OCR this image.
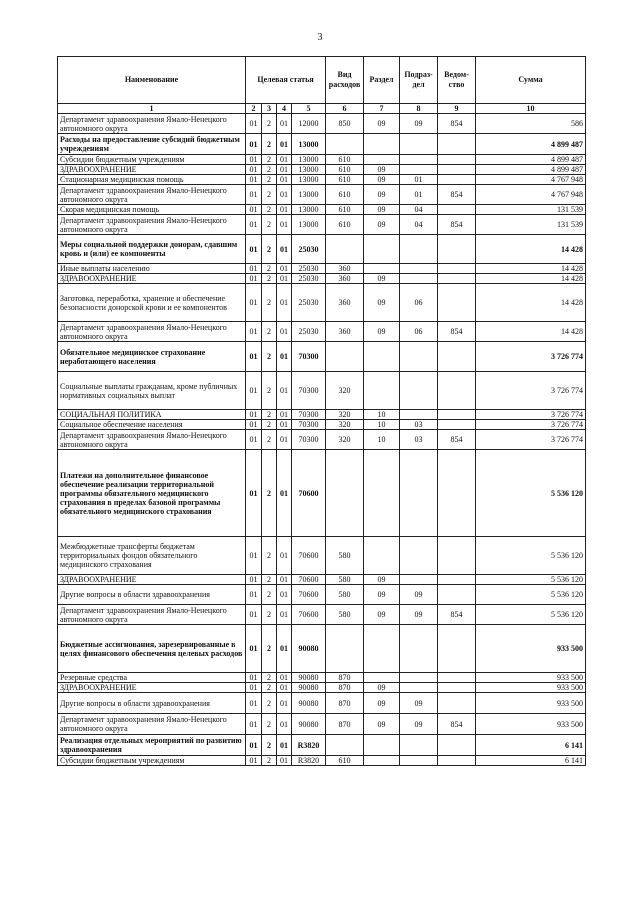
3
Наименование	Целевая статья				Вид расходов	Раздел	Подраз-дел	Ведом-ство	Сумма
1	2	3	4	5	6	7	8	9	10
Департамент здравоохранения Ямало-Ненецкого автономного округа	01	2	01	12000	850	09	09	854	586
Расходы на предоставление субсидий бюджетным учреждениям	01	2	01	13000					4 899 487
Субсидии бюджетным учреждениям	01	2	01	13000	610				4 899 487
ЗДРАВООХРАНЕНИЕ	01	2	01	13000	610	09			4 899 487
Стационарная медицинская помощь	01	2	01	13000	610	09	01		4 767 948
Департамент здравоохранения Ямало-Ненецкого автономного округа	01	2	01	13000	610	09	01	854	4 767 948
Скорая медицинская помощь	01	2	01	13000	610	09	04		131 539
Департамент здравоохранения Ямало-Ненецкого автономного округа	01	2	01	13000	610	09	04	854	131 539
Меры социальной поддержки донорам, сдавшим кровь и (или) ее компоненты	01	2	01	25030					14 428
Иные выплаты населению	01	2	01	25030	360				14 428
ЗДРАВООХРАНЕНИЕ	01	2	01	25030	360	09			14 428
Заготовка, переработка, хранение и обеспечение безопасности донорской крови и ее компонентов	01	2	01	25030	360	09	06		14 428
Департамент здравоохранения Ямало-Ненецкого автономного округа	01	2	01	25030	360	09	06	854	14 428
Обязательное медицинское страхование неработающего населения	01	2	01	70300					3 726 774
Социальные выплаты гражданам, кроме публичных нормативных социальных выплат	01	2	01	70300	320				3 726 774
СОЦИАЛЬНАЯ ПОЛИТИКА	01	2	01	70300	320	10			3 726 774
Социальное обеспечение населения	01	2	01	70300	320	10	03		3 726 774
Департамент здравоохранения Ямало-Ненецкого автономного округа	01	2	01	70300	320	10	03	854	3 726 774
Платежи на дополнительное финансовое обеспечение реализации территориальной программы обязательного медицинского страхования в пределах базовой программы обязательного медицинского страхования	01	2	01	70600					5 536 120
Межбюджетные трансферты бюджетам территориальных фондов обязательного медицинского страхования	01	2	01	70600	580				5 536 120
ЗДРАВООХРАНЕНИЕ	01	2	01	70600	580	09			5 536 120
Другие вопросы в области здравоохранения	01	2	01	70600	580	09	09		5 536 120
Департамент здравоохранения Ямало-Ненецкого автономного округа	01	2	01	70600	580	09	09	854	5 536 120
Бюджетные ассигнования, зарезервированные в целях финансового обеспечения целевых расходов	01	2	01	90080					933 500
Резервные средства	01	2	01	90080	870				933 500
ЗДРАВООХРАНЕНИЕ	01	2	01	90080	870	09			933 500
Другие вопросы в области здравоохранения	01	2	01	90080	870	09	09		933 500
Департамент здравоохранения Ямало-Ненецкого автономного округа	01	2	01	90080	870	09	09	854	933 500
Реализация отдельных мероприятий по развитию здравоохранения	01	2	01	R3820					6 141
Субсидии бюджетным учреждениям	01	2	01	R3820	610				6 141
